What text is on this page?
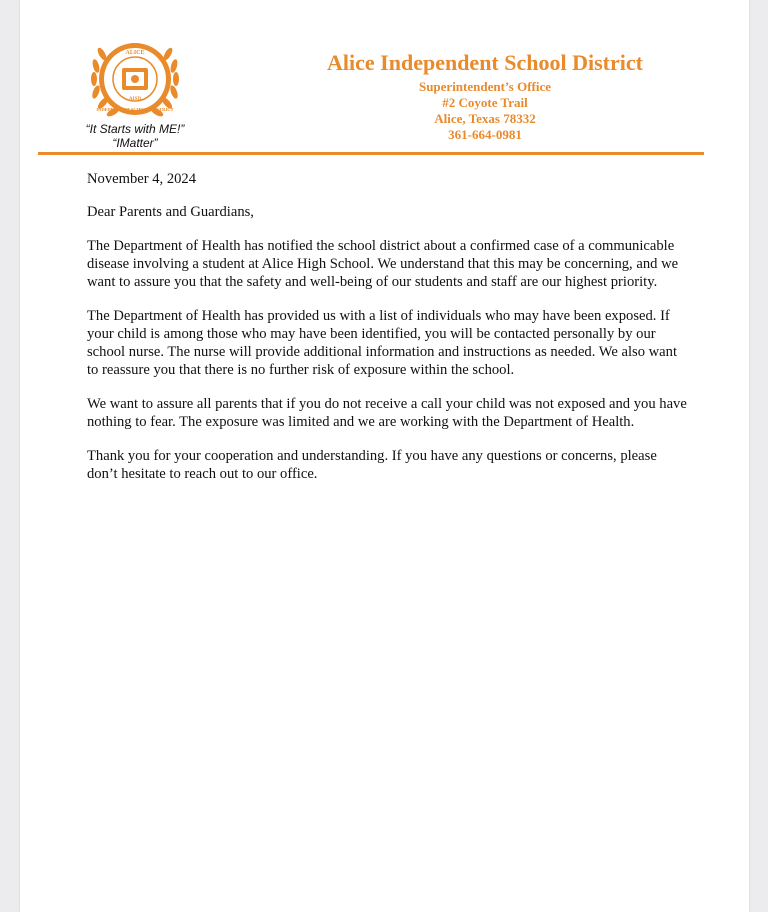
ALICE
INDEPENDENT SCHOOL DISTRICT
AISD
“It Starts with ME!”
“IMatter”
Alice Independent School District
Superintendent’s Office
#2 Coyote Trail
Alice, Texas 78332
361-664-0981

November 4, 2024

Dear Parents and Guardians,

The Department of Health has notified the school district about a confirmed case of a communicable disease involving a student at Alice High School. We understand that this may be concerning, and we want to assure you that the safety and well-being of our students and staff are our highest priority.

The Department of Health has provided us with a list of individuals who may have been exposed. If your child is among those who may have been identified, you will be contacted personally by our school nurse. The nurse will provide additional information and instructions as needed. We also want to reassure you that there is no further risk of exposure within the school.

We want to assure all parents that if you do not receive a call your child was not exposed and you have nothing to fear. The exposure was limited and we are working with the Department of Health.

Thank you for your cooperation and understanding. If you have any questions or concerns, please don’t hesitate to reach out to our office.
